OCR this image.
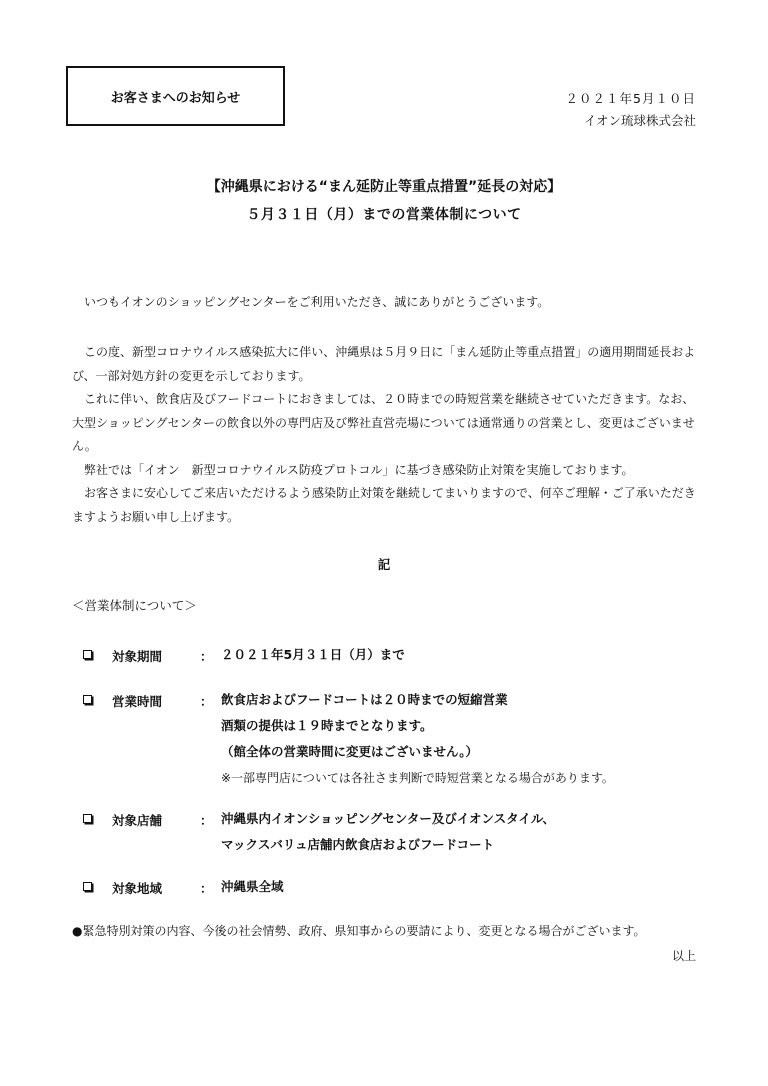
お客さまへのお知らせ	２０２１年5月１０日
イオン琉球株式会社
【沖縄県における“まん延防止等重点措置”延長の対応】
５月３１日（月）までの営業体制について

いつもイオンのショッピングセンターをご利用いただき、誠にありがとうございます。

この度、新型コロナウイルス感染拡大に伴い、沖縄県は５月９日に「まん延防止等重点措置」の適用期間延長および、一部対処方針の変更を示しております。

これに伴い、飲食店及びフードコートにおきましては、２０時までの時短営業を継続させていただきます。なお、大型ショッピングセンターの飲食以外の専門店及び弊社直営売場については通常通りの営業とし、変更はございません。

弊社では「イオン　新型コロナウイルス防疫プロトコル」に基づき感染防止対策を実施しております。

お客さまに安心してご来店いただけるよう感染防止対策を継続してまいりますので、何卒ご理解・ご了承いただきますようお願い申し上げます。

記
＜営業体制について＞
対象期間	： ２０２１年5月３１日（月）まで
営業時間	： 飲食店およびフードコートは２０時までの短縮営業
酒類の提供は１９時までとなります。
（館全体の営業時間に変更はございません。）
※一部専門店については各社さま判断で時短営業となる場合があります。
対象店舗	： 沖縄県内イオンショッピングセンター及びイオンスタイル、
マックスバリュ店舗内飲食店およびフードコート
対象地域	： 沖縄県全域
●緊急特別対策の内容、今後の社会情勢、政府、県知事からの要請により、変更となる場合がございます。
以上
